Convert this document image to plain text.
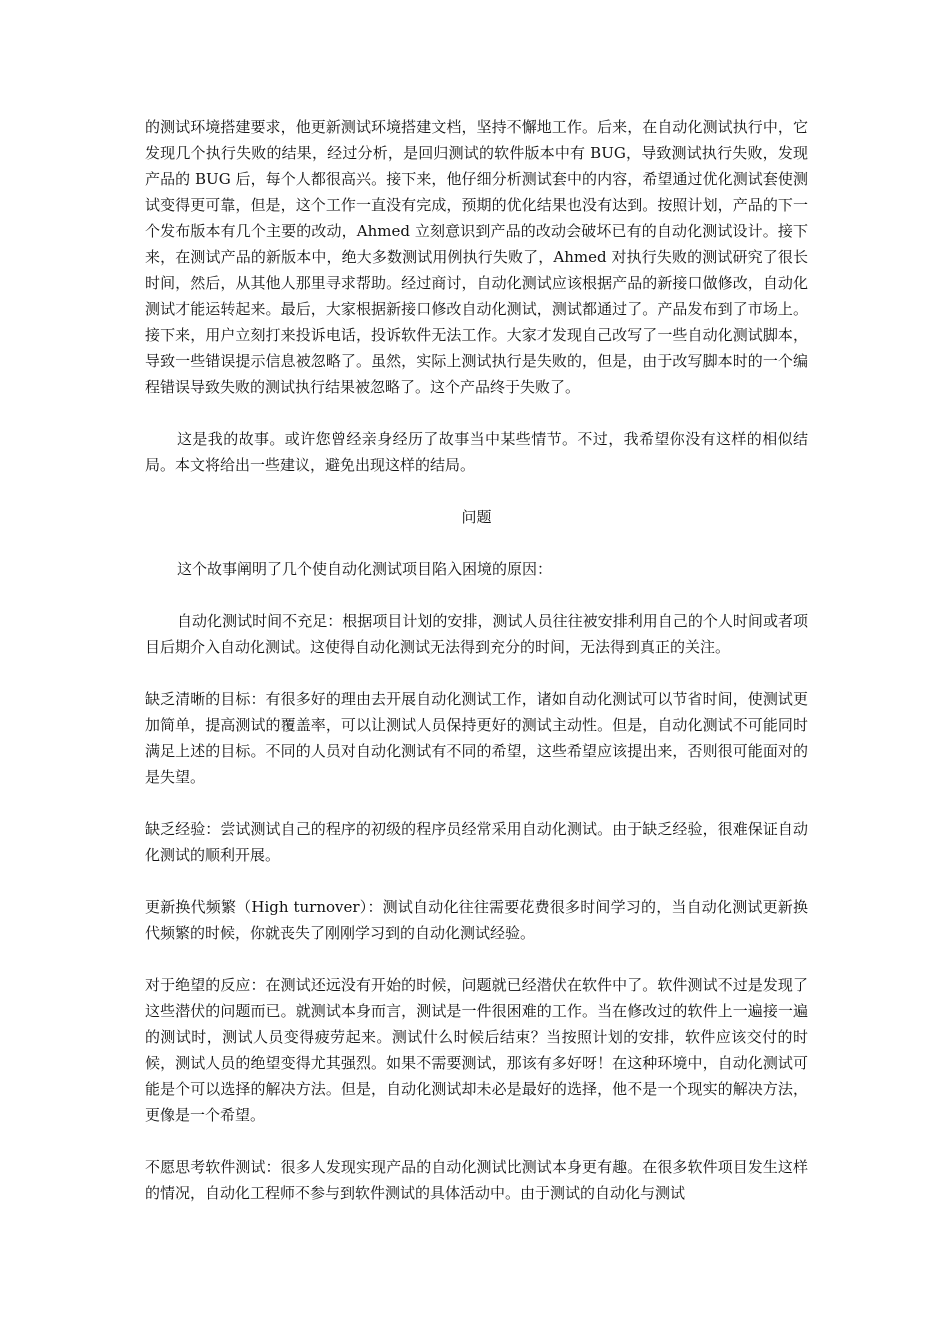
的测试环境搭建要求，他更新测试环境搭建文档，坚持不懈地工作。后来，在自动化测试执行中，它发现几个执行失败的结果，经过分析，是回归测试的软件版本中有 BUG，导致测试执行失败，发现产品的 BUG 后，每个人都很高兴。接下来，他仔细分析测试套中的内容，希望通过优化测试套使测试变得更可靠，但是，这个工作一直没有完成，预期的优化结果也没有达到。按照计划，产品的下一个发布版本有几个主要的改动，Ahmed 立刻意识到产品的改动会破坏已有的自动化测试设计。接下来，在测试产品的新版本中，绝大多数测试用例执行失败了，Ahmed 对执行失败的测试研究了很长时间，然后，从其他人那里寻求帮助。经过商讨，自动化测试应该根据产品的新接口做修改，自动化测试才能运转起来。最后，大家根据新接口修改自动化测试，测试都通过了。产品发布到了市场上。接下来，用户立刻打来投诉电话，投诉软件无法工作。大家才发现自己改写了一些自动化测试脚本，导致一些错误提示信息被忽略了。虽然，实际上测试执行是失败的，但是，由于改写脚本时的一个编程错误导致失败的测试执行结果被忽略了。这个产品终于失败了。

这是我的故事。或许您曾经亲身经历了故事当中某些情节。不过，我希望你没有这样的相似结局。本文将给出一些建议，避免出现这样的结局。

问题

这个故事阐明了几个使自动化测试项目陷入困境的原因：

自动化测试时间不充足：根据项目计划的安排，测试人员往往被安排利用自己的个人时间或者项目后期介入自动化测试。这使得自动化测试无法得到充分的时间，无法得到真正的关注。

缺乏清晰的目标：有很多好的理由去开展自动化测试工作，诸如自动化测试可以节省时间，使测试更加简单，提高测试的覆盖率，可以让测试人员保持更好的测试主动性。但是，自动化测试不可能同时满足上述的目标。不同的人员对自动化测试有不同的希望，这些希望应该提出来，否则很可能面对的是失望。

缺乏经验：尝试测试自己的程序的初级的程序员经常采用自动化测试。由于缺乏经验，很难保证自动化测试的顺利开展。

更新换代频繁（High turnover）：测试自动化往往需要花费很多时间学习的，当自动化测试更新换代频繁的时候，你就丧失了刚刚学习到的自动化测试经验。

对于绝望的反应：在测试还远没有开始的时候，问题就已经潜伏在软件中了。软件测试不过是发现了这些潜伏的问题而已。就测试本身而言，测试是一件很困难的工作。当在修改过的软件上一遍接一遍的测试时，测试人员变得疲劳起来。测试什么时候后结束？当按照计划的安排，软件应该交付的时候，测试人员的绝望变得尤其强烈。如果不需要测试，那该有多好呀！在这种环境中，自动化测试可能是个可以选择的解决方法。但是，自动化测试却未必是最好的选择，他不是一个现实的解决方法，更像是一个希望。

不愿思考软件测试：很多人发现实现产品的自动化测试比测试本身更有趣。在很多软件项目发生这样的情况，自动化工程师不参与到软件测试的具体活动中。由于测试的自动化与测试
